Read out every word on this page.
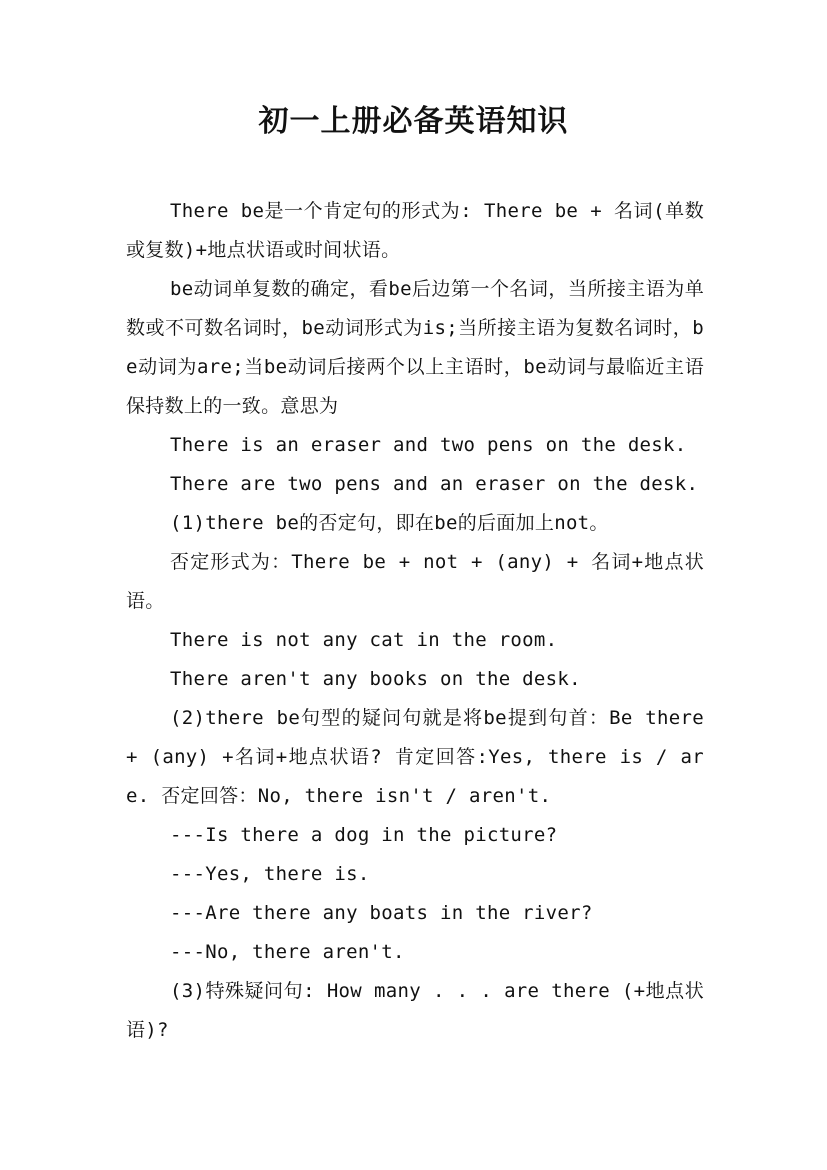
初一上册必备英语知识

There be是一个肯定句的形式为: There be + 名词(单数或复数)+地点状语或时间状语。

be动词单复数的确定，看be后边第一个名词，当所接主语为单数或不可数名词时，be动词形式为is;当所接主语为复数名词时，be动词为are;当be动词后接两个以上主语时，be动词与最临近主语保持数上的一致。意思为

There is an eraser and two pens on the desk.

There are two pens and an eraser on the desk.

(1)there be的否定句，即在be的后面加上not。

否定形式为：There be + not + (any) + 名词+地点状语。

There is not any cat in the room.

There aren't any books on the desk.

(2)there be句型的疑问句就是将be提到句首：Be there + (any) +名词+地点状语? 肯定回答:Yes, there is / are. 否定回答：No, there isn't / aren't.

---Is there a dog in the picture?

---Yes, there is.

---Are there any boats in the river?

---No, there aren't.

(3)特殊疑问句: How many . . . are there (+地点状语)?
